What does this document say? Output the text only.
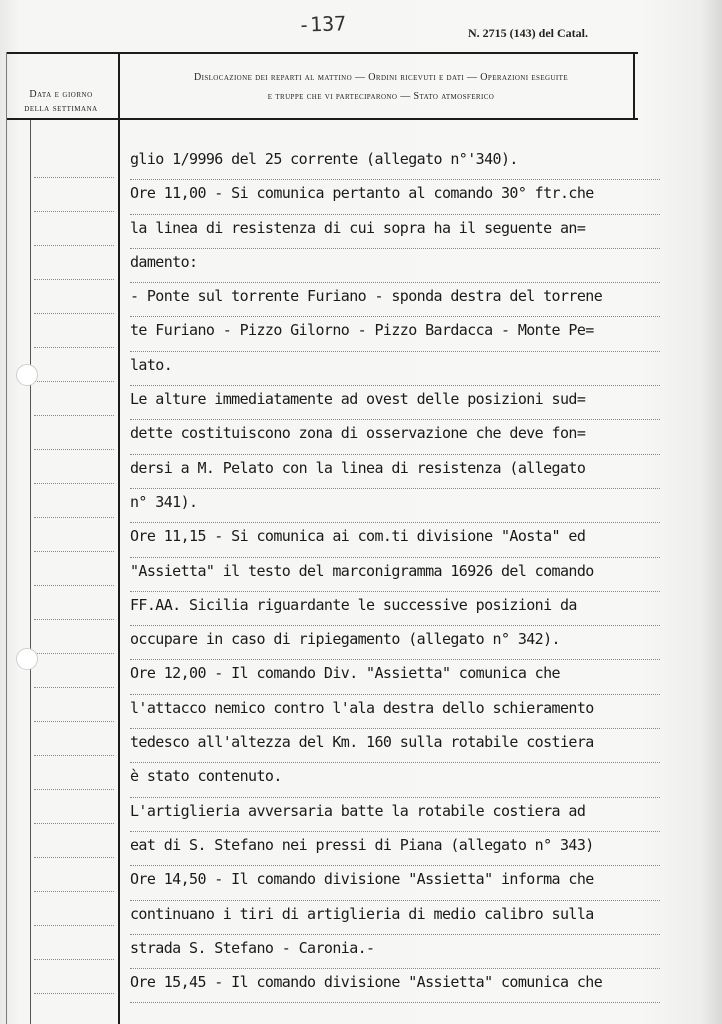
-137	N. 2715 (143) del Catal.
Data e giorno
della settimana
Dislocazione dei reparti al mattino — Ordini ricevuti e dati — Operazioni eseguite
e truppe che vi parteciparono — Stato atmosferico
glio 1/9996 del 25 corrente (allegato n°'340).
Ore 11,00 - Si comunica pertanto al comando 30° ftr.che
la linea di resistenza di cui sopra ha il seguente an=
damento:
- Ponte sul torrente Furiano - sponda destra del torrene
te Furiano - Pizzo Gilorno - Pizzo Bardacca - Monte Pe=
lato.
Le alture immediatamente ad ovest delle posizioni sud=
dette costituiscono zona di osservazione che deve fon=
dersi a M. Pelato con la linea di resistenza (allegato
n° 341).
Ore 11,15 - Si comunica ai com.ti divisione "Aosta" ed
"Assietta" il testo del marconigramma 16926 del comando
FF.AA. Sicilia riguardante le successive posizioni da
occupare in caso di ripiegamento (allegato n° 342).
Ore 12,00 - Il comando Div. "Assietta" comunica che
l'attacco nemico contro l'ala destra dello schieramento
tedesco all'altezza del Km. 160 sulla rotabile costiera
è stato contenuto.
L'artiglieria avversaria batte la rotabile costiera ad
eat di S. Stefano nei pressi di Piana (allegato n° 343)
Ore 14,50 - Il comando divisione "Assietta" informa che
continuano i tiri di artiglieria di medio calibro sulla
strada S. Stefano - Caronia.-
Ore 15,45 - Il comando divisione "Assietta" comunica che
